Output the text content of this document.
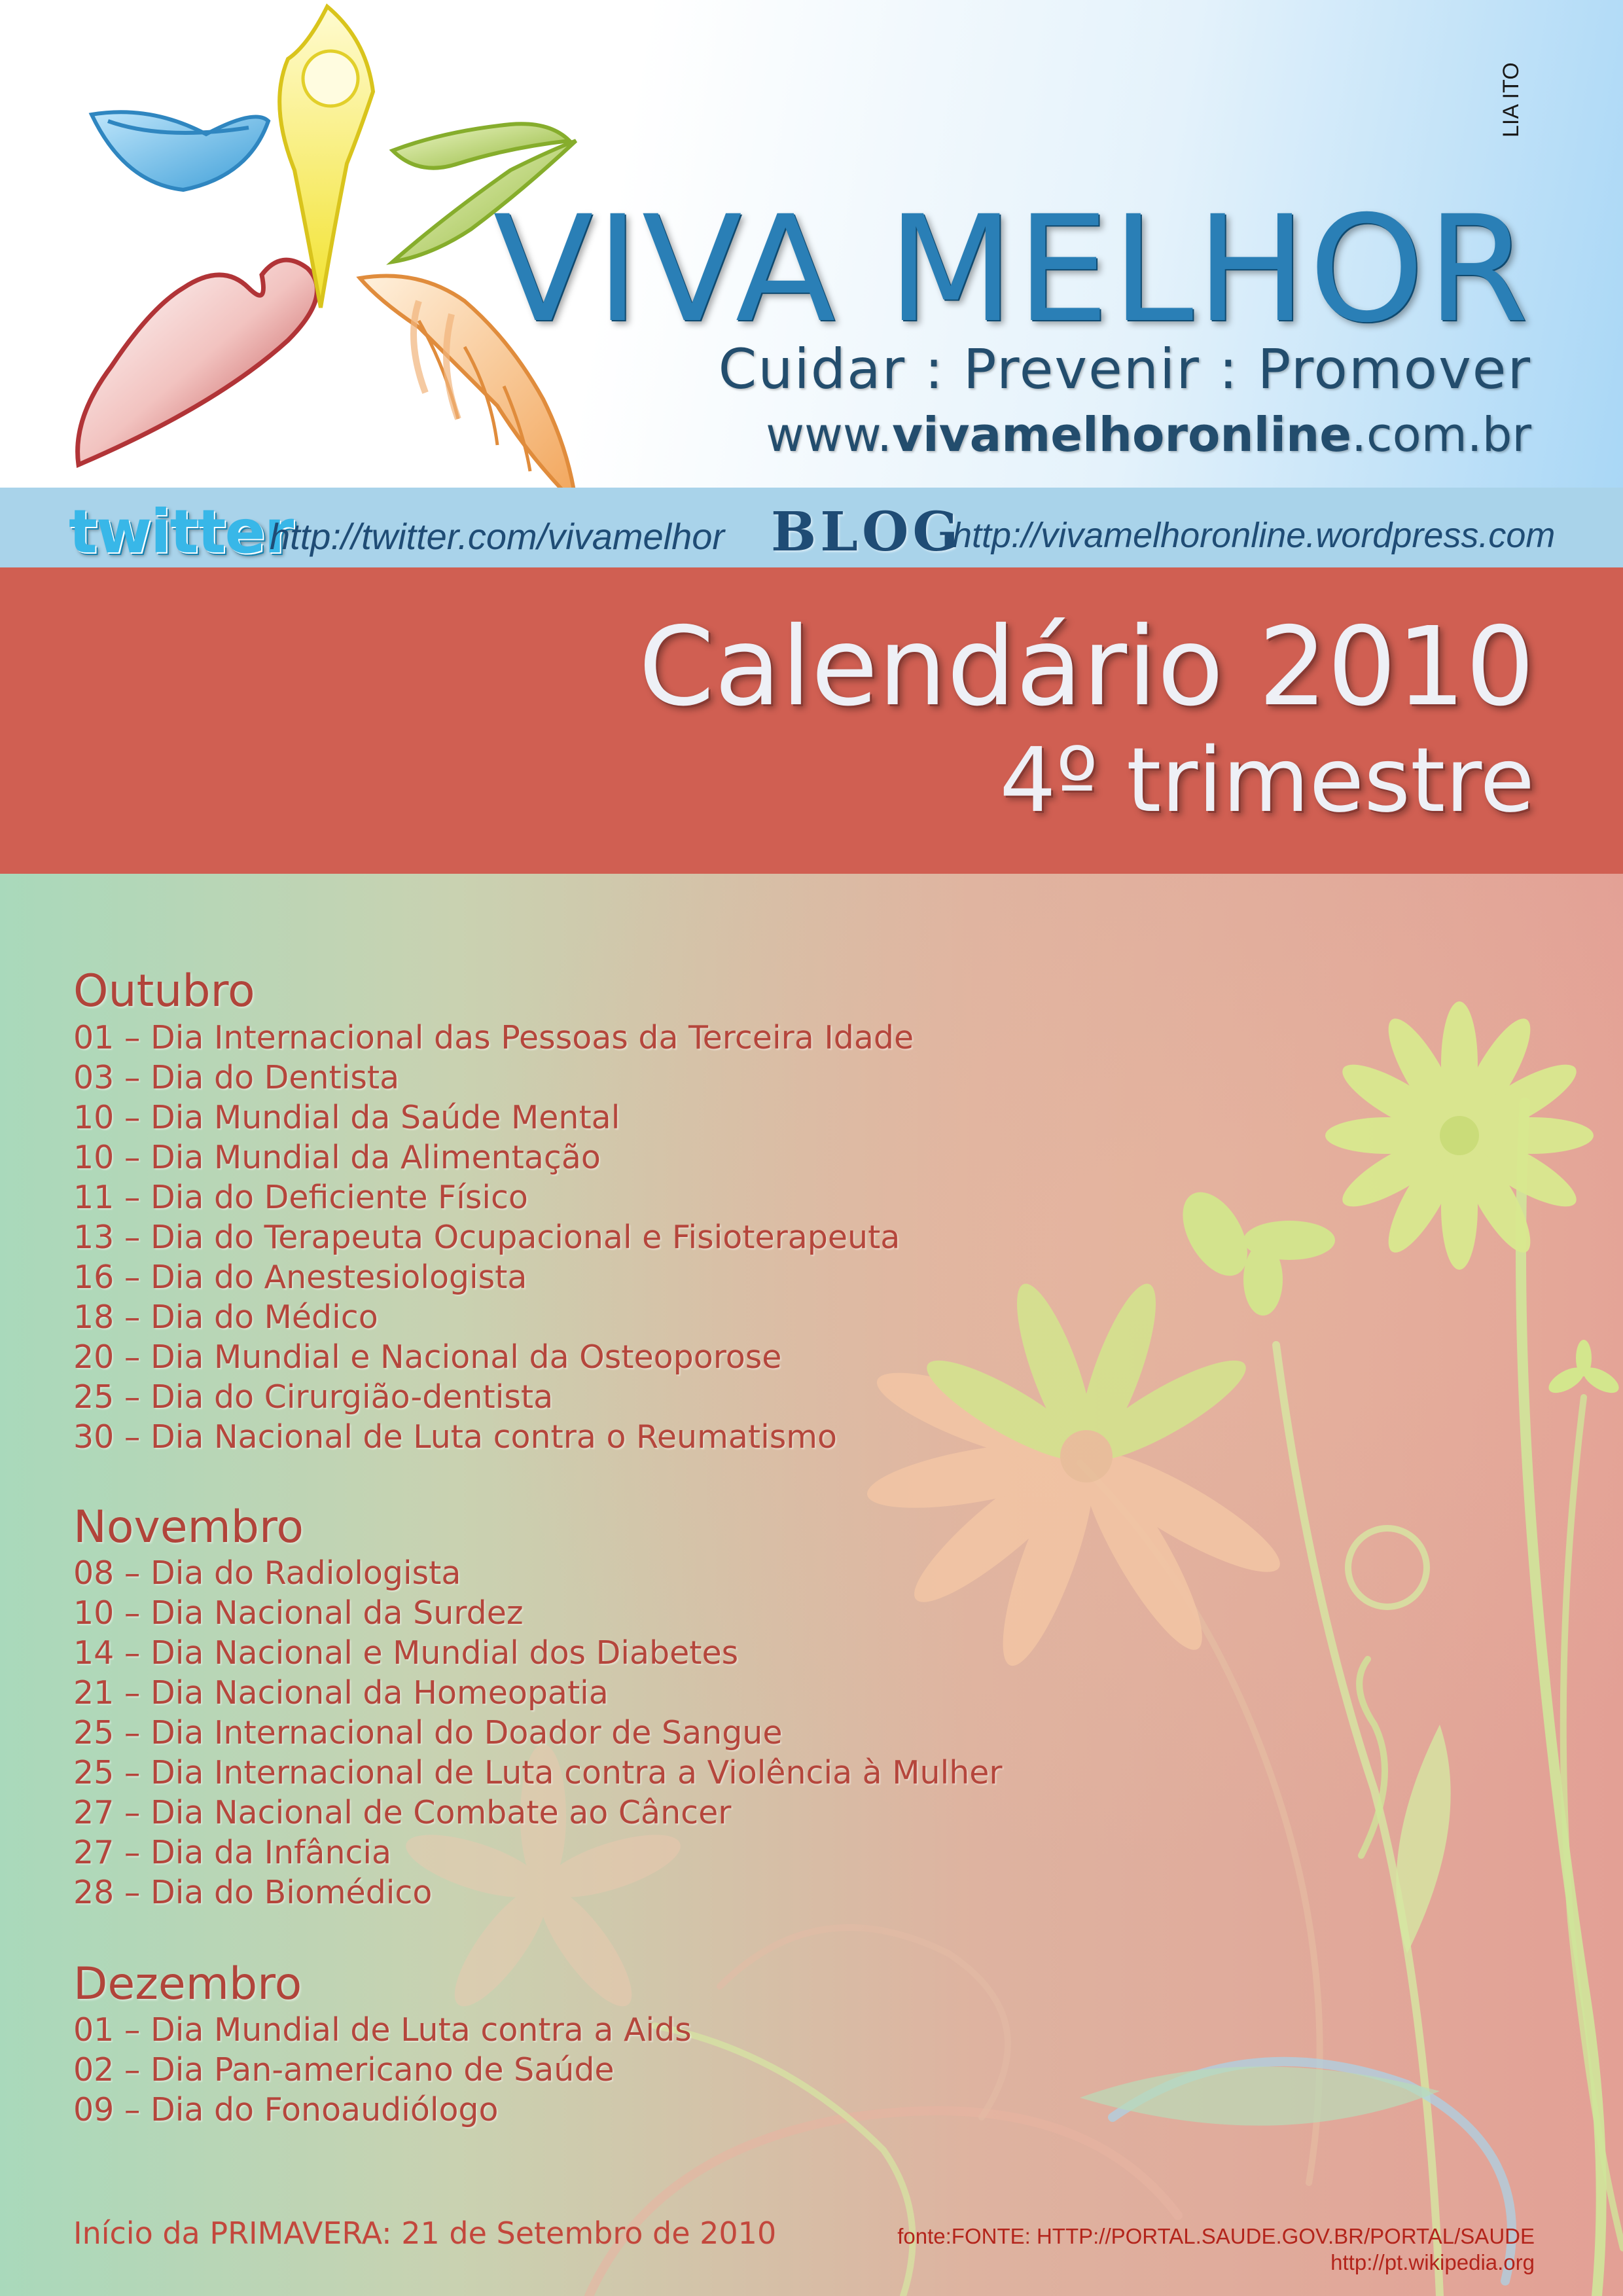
LIA ITO
VIVA MELHOR
Cuidar : Prevenir : Promover
www.vivamelhoronline.com.br
twitter
http://twitter.com/vivamelhor BLOG
http://vivamelhoronline.wordpress.com
Calendário 2010
4º trimestre
Outubro
01 – Dia Internacional das Pessoas da Terceira Idade
03 – Dia do Dentista
10 – Dia Mundial da Saúde Mental
10 – Dia Mundial da Alimentação
11 – Dia do Deficiente Físico
13 – Dia do Terapeuta Ocupacional e Fisioterapeuta
16 – Dia do Anestesiologista
18 – Dia do Médico
20 – Dia Mundial e Nacional da Osteoporose
25 – Dia do Cirurgião-dentista
30 – Dia Nacional de Luta contra o Reumatismo
Novembro
08 – Dia do Radiologista
10 – Dia Nacional da Surdez
14 – Dia Nacional e Mundial dos Diabetes
21 – Dia Nacional da Homeopatia
25 – Dia Internacional do Doador de Sangue
25 – Dia Internacional de Luta contra a Violência à Mulher
27 – Dia Nacional de Combate ao Câncer
27 – Dia da Infância
28 – Dia do Biomédico
Dezembro
01 – Dia Mundial de Luta contra a Aids
02 – Dia Pan-americano de Saúde
09 – Dia do Fonoaudiólogo
Início da PRIMAVERA: 21 de Setembro de 2010	fonte:FONTE: HTTP://PORTAL.SAUDE.GOV.BR/PORTAL/SAUDE
http://pt.wikipedia.org
